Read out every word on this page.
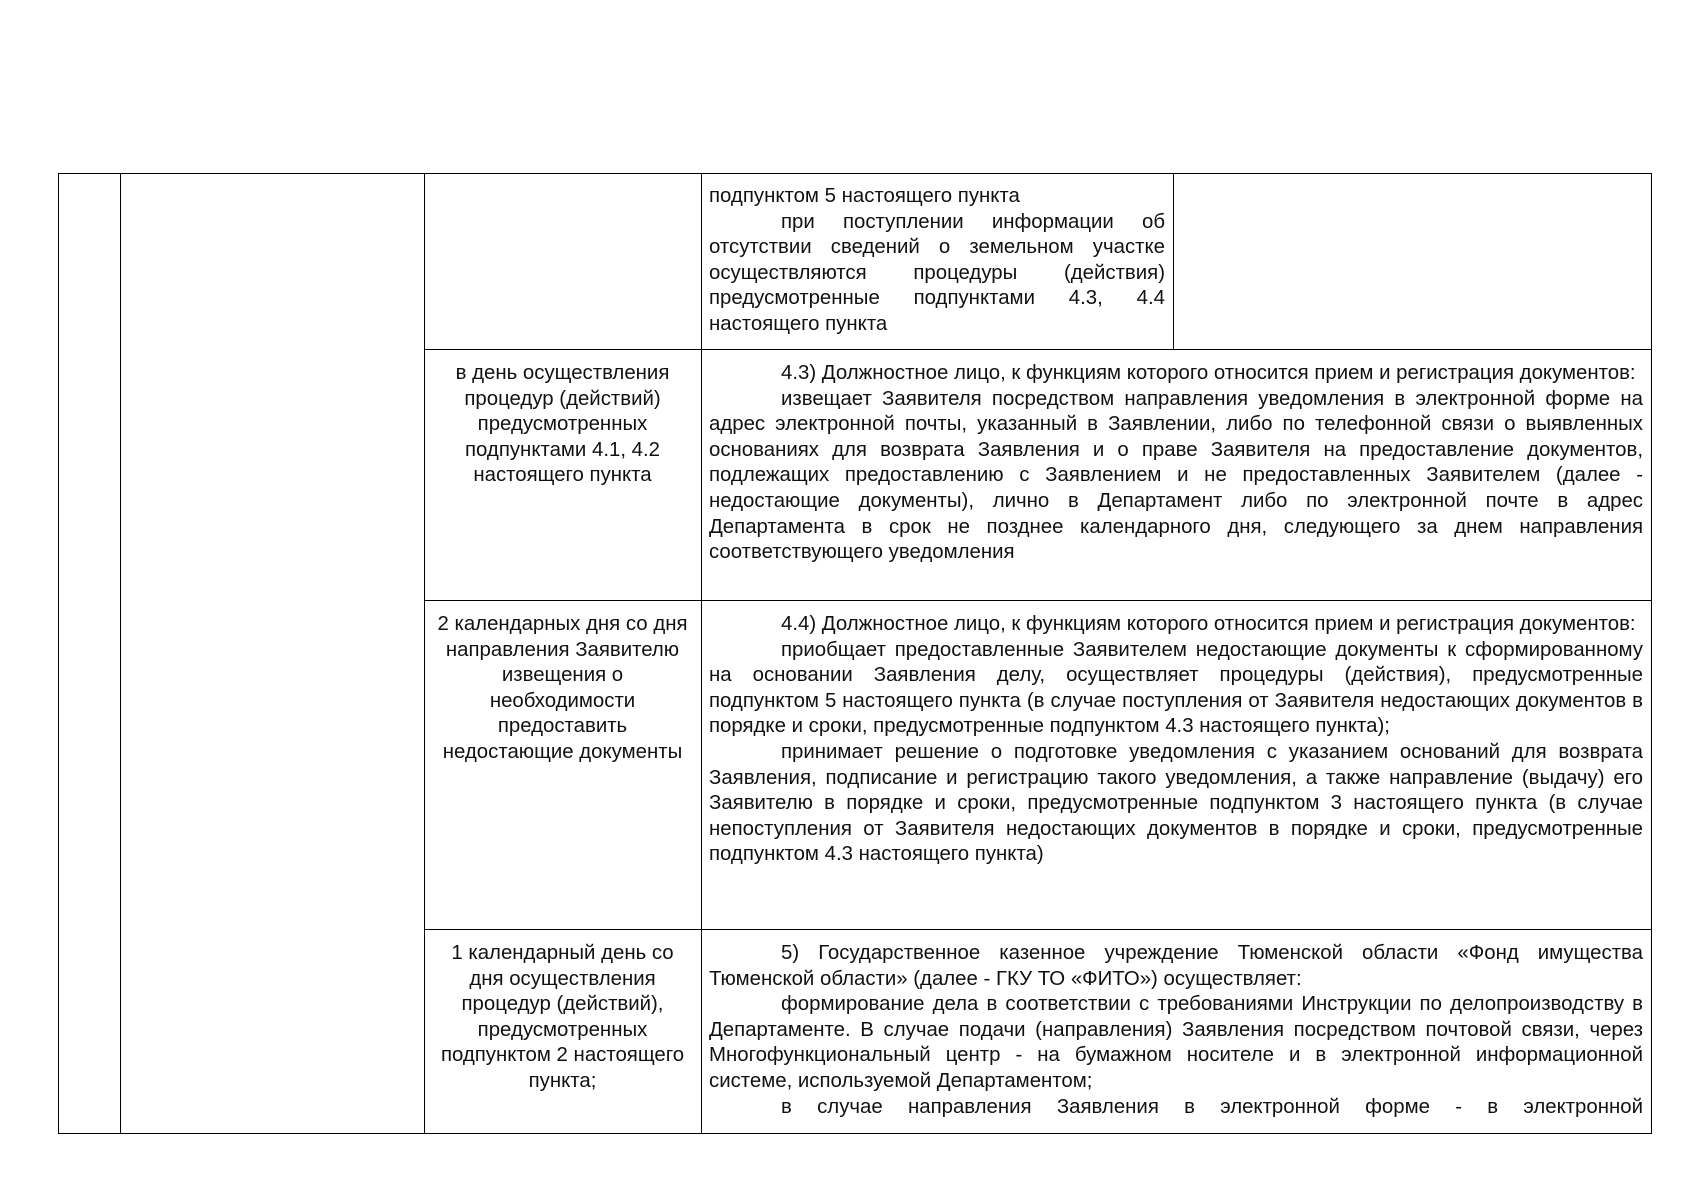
подпунктом 5 настоящего пункта

при поступлении информации об отсутствии сведений о земельном участке осуществляются процедуры (действия) предусмотренные подпунктами 4.3, 4.4 настоящего пункта

в день осуществления процедур (действий) предусмотренных подпунктами 4.1, 4.2 настоящего пункта

4.3) Должностное лицо, к функциям которого относится прием и регистрация документов:

извещает Заявителя посредством направления уведомления в электронной форме на адрес электронной почты, указанный в Заявлении, либо по телефонной связи о выявленных основаниях для возврата Заявления и о праве Заявителя на предоставление документов, подлежащих предоставлению с Заявлением и не предоставленных Заявителем (далее - недостающие документы), лично в Департамент либо по электронной почте в адрес Департамента в срок не позднее календарного дня, следующего за днем направления соответствующего уведомления

2 календарных дня со дня направления Заявителю извещения о необходимости предоставить недостающие документы

4.4) Должностное лицо, к функциям которого относится прием и регистрация документов:

приобщает предоставленные Заявителем недостающие документы к сформированному на основании Заявления делу, осуществляет процедуры (действия), предусмотренные подпунктом 5 настоящего пункта (в случае поступления от Заявителя недостающих документов в порядке и сроки, предусмотренные подпунктом 4.3 настоящего пункта);

принимает решение о подготовке уведомления с указанием оснований для возврата Заявления, подписание и регистрацию такого уведомления, а также направление (выдачу) его Заявителю в порядке и сроки, предусмотренные подпунктом 3 настоящего пункта (в случае непоступления от Заявителя недостающих документов в порядке и сроки, предусмотренные подпунктом 4.3 настоящего пункта)

1 календарный день со дня осуществления процедур (действий), предусмотренных подпунктом 2 настоящего пункта;

5) Государственное казенное учреждение Тюменской области «Фонд имущества Тюменской области» (далее - ГКУ ТО «ФИТО») осуществляет:

формирование дела в соответствии с требованиями Инструкции по делопроизводству в Департаменте. В случае подачи (направления) Заявления посредством почтовой связи, через Многофункциональный центр - на бумажном носителе и в электронной информационной системе, используемой Департаментом;

в случае направления Заявления в электронной форме - в электронной
